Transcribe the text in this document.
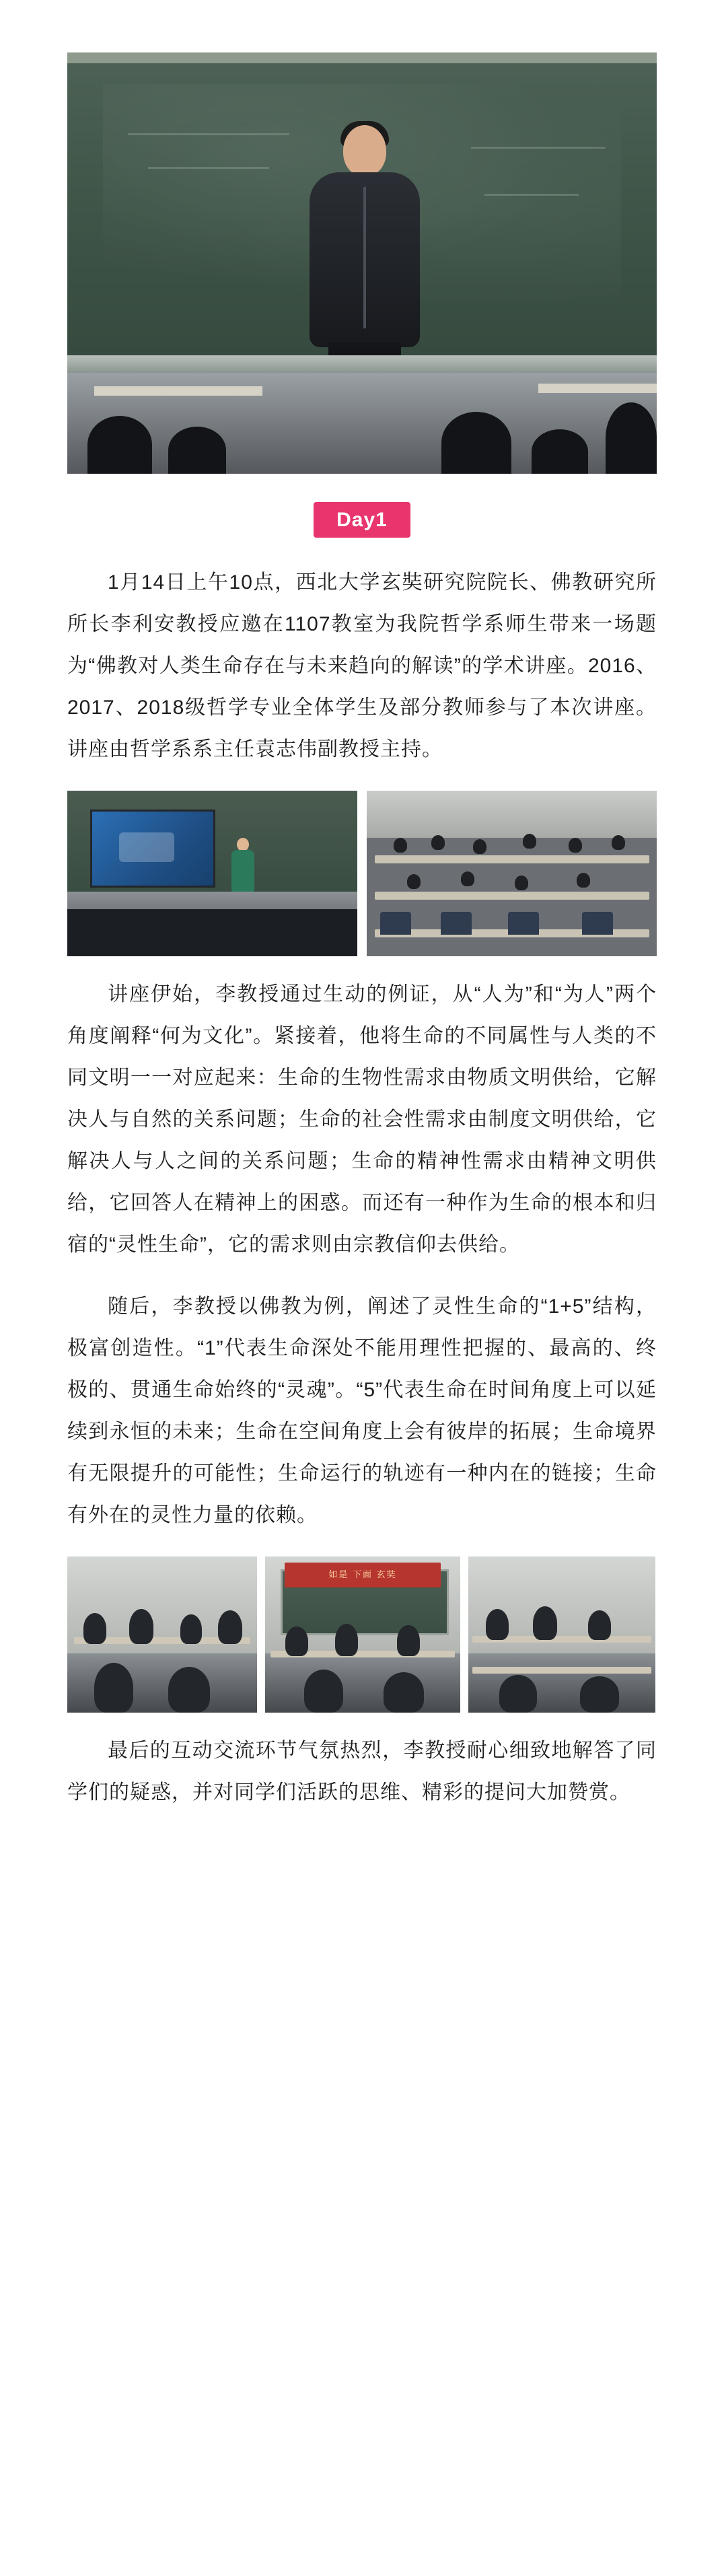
Day1

1月14日上午10点，西北大学玄奘研究院院长、佛教研究所所长李利安教授应邀在1107教室为我院哲学系师生带来一场题为“佛教对人类生命存在与未来趋向的解读”的学术讲座。2016、2017、2018级哲学专业全体学生及部分教师参与了本次讲座。讲座由哲学系系主任袁志伟副教授主持。

讲座伊始，李教授通过生动的例证，从“人为”和“为人”两个角度阐释“何为文化”。紧接着，他将生命的不同属性与人类的不同文明一一对应起来：生命的生物性需求由物质文明供给，它解决人与自然的关系问题；生命的社会性需求由制度文明供给，它解决人与人之间的关系问题；生命的精神性需求由精神文明供给，它回答人在精神上的困惑。而还有一种作为生命的根本和归宿的“灵性生命”，它的需求则由宗教信仰去供给。

随后，李教授以佛教为例，阐述了灵性生命的“1+5”结构，极富创造性。“1”代表生命深处不能用理性把握的、最高的、终极的、贯通生命始终的“灵魂”。“5”代表生命在时间角度上可以延续到永恒的未来；生命在空间角度上会有彼岸的拓展；生命境界有无限提升的可能性；生命运行的轨迹有一种内在的链接；生命有外在的灵性力量的依赖。

如是 下面 玄奘

最后的互动交流环节气氛热烈，李教授耐心细致地解答了同学们的疑惑，并对同学们活跃的思维、精彩的提问大加赞赏。
